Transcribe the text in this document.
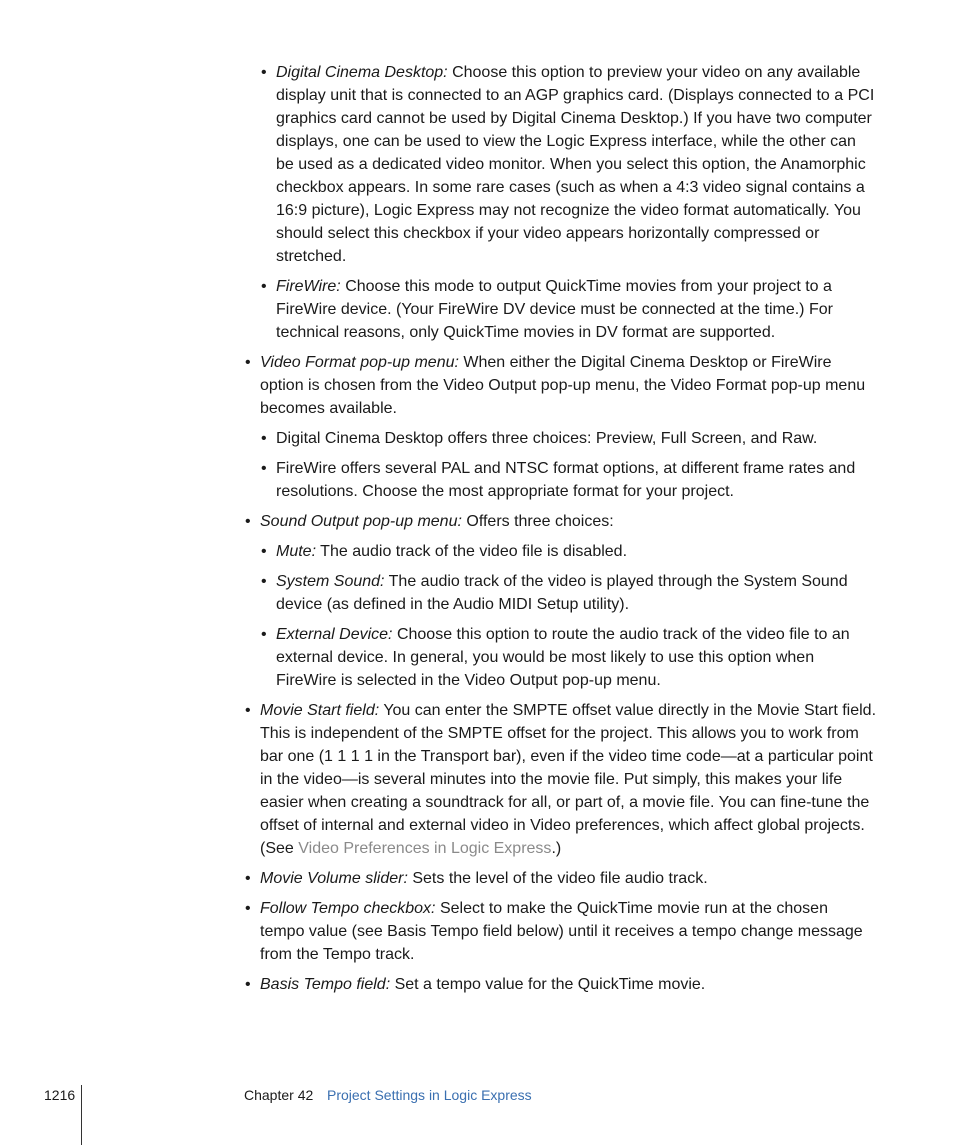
• Digital Cinema Desktop: Choose this option to preview your video on any available display unit that is connected to an AGP graphics card. (Displays connected to a PCI graphics card cannot be used by Digital Cinema Desktop.) If you have two computer displays, one can be used to view the Logic Express interface, while the other can be used as a dedicated video monitor. When you select this option, the Anamorphic checkbox appears. In some rare cases (such as when a 4:3 video signal contains a 16:9 picture), Logic Express may not recognize the video format automatically. You should select this checkbox if your video appears horizontally compressed or stretched.
• FireWire: Choose this mode to output QuickTime movies from your project to a FireWire device. (Your FireWire DV device must be connected at the time.) For technical reasons, only QuickTime movies in DV format are supported.
• Video Format pop-up menu: When either the Digital Cinema Desktop or FireWire option is chosen from the Video Output pop-up menu, the Video Format pop-up menu becomes available.
• Digital Cinema Desktop offers three choices: Preview, Full Screen, and Raw.
• FireWire offers several PAL and NTSC format options, at different frame rates and resolutions. Choose the most appropriate format for your project.
• Sound Output pop-up menu: Offers three choices:
• Mute: The audio track of the video file is disabled.
• System Sound: The audio track of the video is played through the System Sound device (as defined in the Audio MIDI Setup utility).
• External Device: Choose this option to route the audio track of the video file to an external device. In general, you would be most likely to use this option when FireWire is selected in the Video Output pop-up menu.
• Movie Start field: You can enter the SMPTE offset value directly in the Movie Start field. This is independent of the SMPTE offset for the project. This allows you to work from bar one (1 1 1 1 in the Transport bar), even if the video time code—at a particular point in the video—is several minutes into the movie file. Put simply, this makes your life easier when creating a soundtrack for all, or part of, a movie file. You can fine-tune the offset of internal and external video in Video preferences, which affect global projects. (See Video Preferences in Logic Express.)
• Movie Volume slider: Sets the level of the video file audio track.
• Follow Tempo checkbox: Select to make the QuickTime movie run at the chosen tempo value (see Basis Tempo field below) until it receives a tempo change message from the Tempo track.
• Basis Tempo field: Set a tempo value for the QuickTime movie.
1216	Chapter 42 Project Settings in Logic Express
